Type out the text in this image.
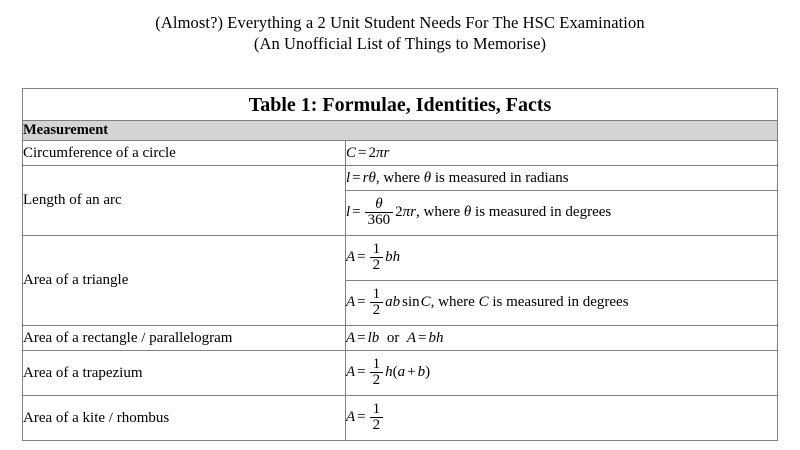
(Almost?) Everything a 2 Unit Student Needs For The HSC Examination
(An Unofficial List of Things to Memorise)
Table 1: Formulae, Identities, Facts	
Measurement	
Circumference of a circle	C = 2πr
Length of an arc	l = rθ, where θ is measured in radians
	$l = \frac{\theta}{360} 2\pi r$, where θ is measured in degrees
Area of a triangle	$A = \frac{1}{2}$ bh
	$A = \frac{1}{2}$ ab sinC, where C is measured in degrees
Area of a rectangle / parallelogram	A = lb  or  A = bh
Area of a trapezium	$A = \frac{1}{2} h(a + b)$
Area of a kite / rhombus	$A = \frac{1}{2}$
